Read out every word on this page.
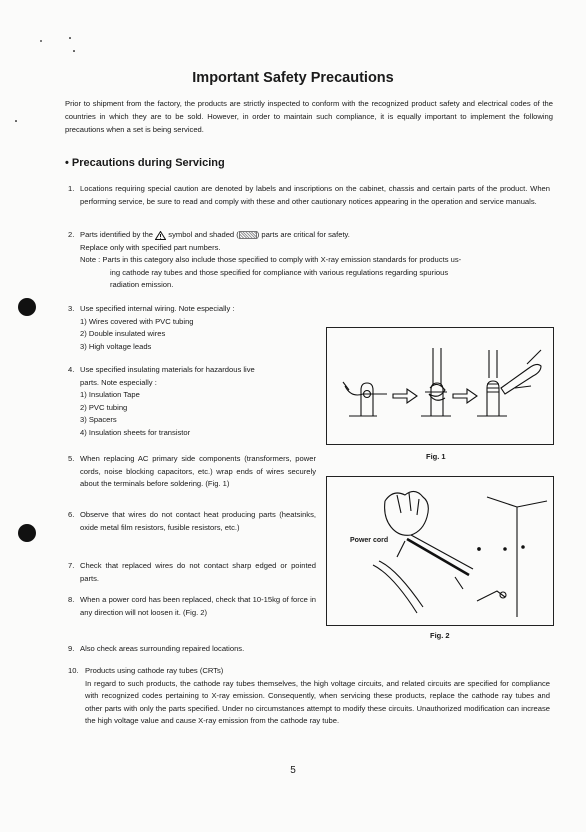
Important Safety Precautions
Prior to shipment from the factory, the products are strictly inspected to conform with the recognized product safety and electrical codes of the countries in which they are to be sold. However, in order to maintain such compliance, it is equally important to implement the following precautions when a set is being serviced.
• Precautions during Servicing
1. Locations requiring special caution are denoted by labels and inscriptions on the cabinet, chassis and certain parts of the product. When performing service, be sure to read and comply with these and other cautionary notices appearing in the operation and service manuals.
2. Parts identified by the symbol and shaded ( ) parts are critical for safety.
Replace only with specified part numbers.
Note : Parts in this category also include those specified to comply with X-ray emission standards for products us-
ing cathode ray tubes and those specified for compliance with various regulations regarding spurious
radiation emission.
3. Use specified internal wiring. Note especially :
1) Wires covered with PVC tubing
2) Double insulated wires
3) High voltage leads
4. Use specified insulating materials for hazardous live
parts. Note especially :
1) Insulation Tape
2) PVC tubing
3) Spacers
4) Insulation sheets for transistor
5. When replacing AC primary side components (transformers, power cords, noise blocking capacitors, etc.) wrap ends of wires securely about the terminals before soldering. (Fig. 1)
6. Observe that wires do not contact heat producing parts (heatsinks, oxide metal film resistors, fusible resistors, etc.)
7. Check that replaced wires do not contact sharp edged or pointed parts.
8. When a power cord has been replaced, check that 10-15kg of force in any direction will not loosen it. (Fig. 2)
9. Also check areas surrounding repaired locations.
10. Products using cathode ray tubes (CRTs)
In regard to such products, the cathode ray tubes themselves, the high voltage circuits, and related circuits are specified for compliance with recognized codes pertaining to X-ray emission. Consequently, when servicing these products, replace the cathode ray tubes and other parts with only the parts specified. Under no circumstances attempt to modify these circuits. Unauthorized modification can increase the high voltage value and cause X-ray emission from the cathode ray tube.
Fig. 1
Power cord
Fig. 2
5
